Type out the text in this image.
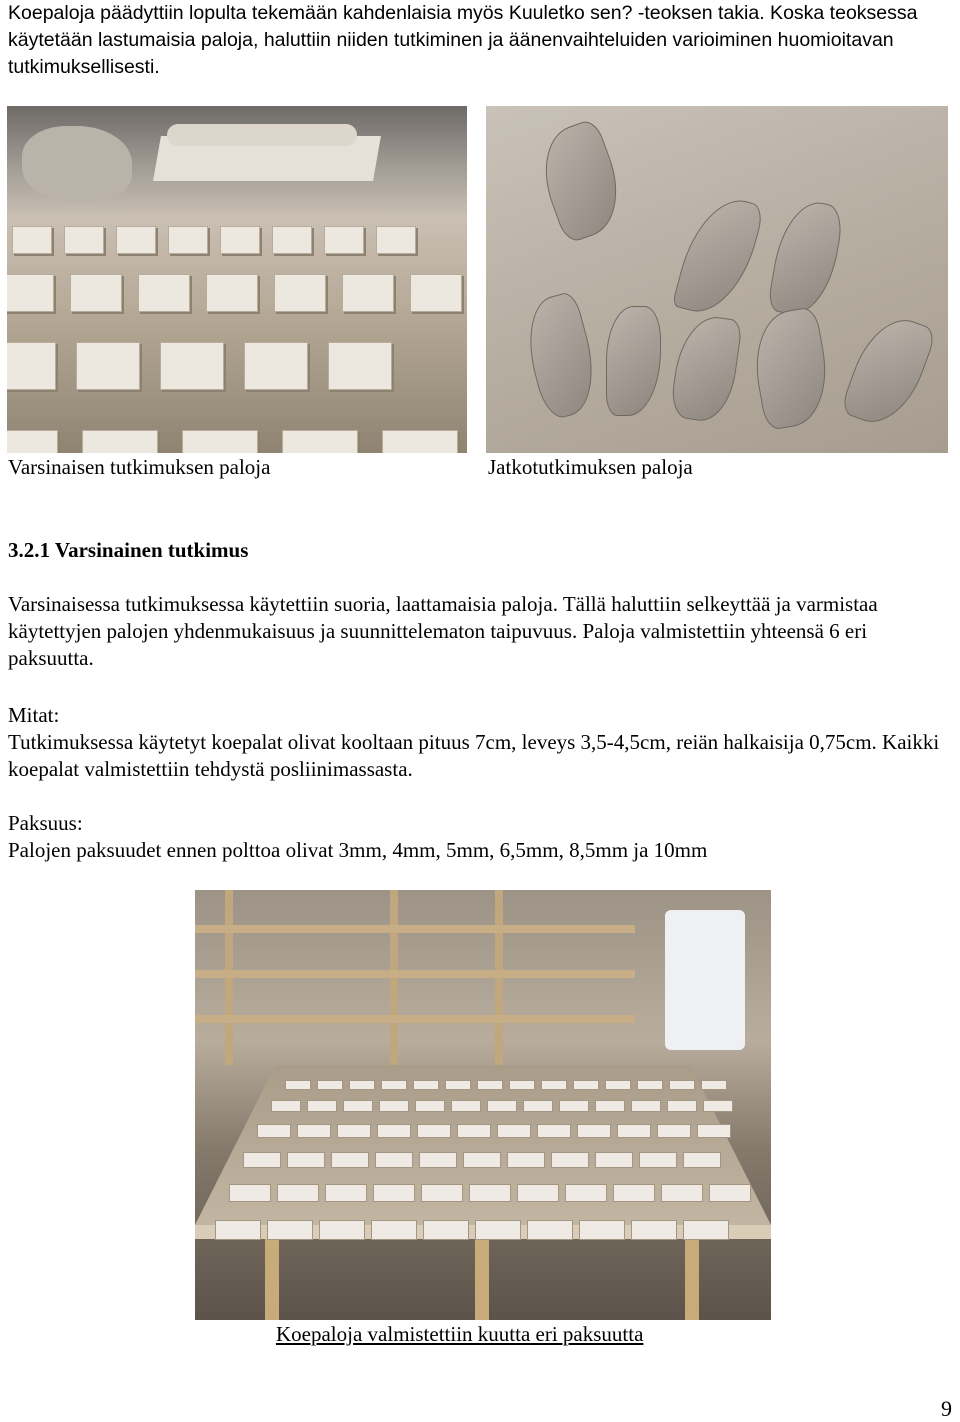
Koepaloja päädyttiin lopulta tekemään kahdenlaisia myös Kuuletko sen? -teoksen takia. Koska teoksessa käytetään lastumaisia paloja, haluttiin niiden tutkiminen ja äänenvaihteluiden varioiminen huomioitavan tutkimuksellisesti.
Varsinaisen tutkimuksen paloja	Jatkotutkimuksen paloja
3.2.1 Varsinainen tutkimus
Varsinaisessa tutkimuksessa käytettiin suoria, laattamaisia paloja. Tällä haluttiin selkeyttää ja varmistaa käytettyjen palojen yhdenmukaisuus ja suunnittelematon taipuvuus. Paloja valmistettiin yhteensä 6 eri paksuutta.
Mitat:
Tutkimuksessa käytetyt koepalat olivat kooltaan pituus 7cm, leveys 3,5-4,5cm, reiän halkaisija 0,75cm. Kaikki koepalat valmistettiin tehdystä posliinimassasta.
Paksuus:
Palojen paksuudet ennen polttoa olivat 3mm, 4mm, 5mm, 6,5mm, 8,5mm ja 10mm
Koepaloja valmistettiin kuutta eri paksuutta
9
